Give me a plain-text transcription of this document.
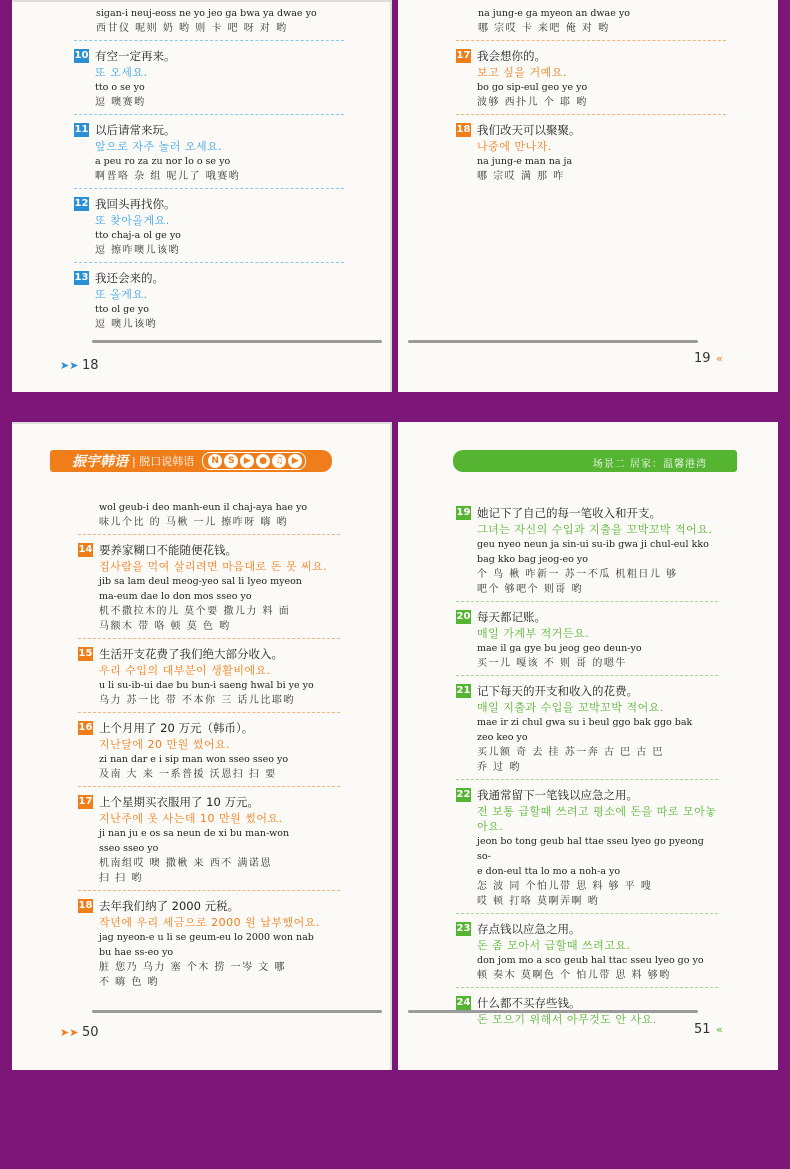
sigan-i neuj-eoss ne yo jeo ga bwa ya dwae yo
西甘仪 呢则 奶 哟 则 卡 吧 呀 对 哟
10 有空一定再来。
또 오세요.
tto o se yo
逗 噢赛哟
11 以后请常来玩。
앞으로 자주 놀러 오세요.
a peu ro za zu nor lo o se yo
啊普咯 杂 组 呢儿了 哦赛哟
12 我回头再找你。
또 찾아올게요.
tto chaj-a ol ge yo
逗 擦咋噢儿该哟
13 我还会来的。
또 올게요.
tto ol ge yo
逗 噢儿该哟
➤➤ 18
na jung-e ga myeon an dwae yo
哪 宗哎 卡 来吧 俺 对 哟
17 我会想你的。
보고 싶을 거예요.
bo go sip-eul geo ye yo
波够 西扑儿 个 耶 哟
18 我们改天可以聚聚。
나중에 만나자.
na jung-e man na ja
哪 宗哎 满 那 咋
19 «
振宇韩语 | 脱口说韩语	N S	▶ ● ♫ ▶
wol geub-i deo manh-eun il chaj-aya hae yo
味儿个比 的 马楸 一儿 擦咋呀 嗨 哟
14 要养家糊口不能随便花钱。
집사람을 먹여 살리려면 마음대로 돈 못 써요.
jib sa lam deul meog-yeo sal li lyeo myeon
ma-eum dae lo don mos sseo yo
机不撒拉木的儿 莫个要 撒儿力 料 面
马额木 带 咯 顿 莫 色 哟
15 生活开支花费了我们绝大部分收入。
우리 수입의 대부분이 생활비에요.
u li su-ib-ui dae bu bun-i saeng hwal bi ye yo
乌力 苏一比 带 不本你 三 话儿比耶哟
16 上个月用了 20 万元（韩币）。
지난달에 20 만원 썼어요.
zi nan dar e i sip man won sseo sseo yo
及南 大 来 一系普援 沃恩扫 扫 要
17 上个星期买衣服用了 10 万元。
지난주에 옷 사는데 10 만원 썼어요.
ji nan ju e os sa neun de xi bu man-won
sseo sseo yo
机南组哎 噢 撒楸 来 西不 满诺恩
扫 扫 哟
18 去年我们纳了 2000 元税。
작년에 우리 세금으로 2000 원 납부했어요.
jag nyeon-e u li se geum-eu lo 2000 won nab
bu hae ss-eo yo
脏 您乃 乌力 塞 个木 捞 一岑 文 哪
不 嗨 色 哟
➤➤ 50
场景二 居家：温馨港湾
19 她记下了自己的每一笔收入和开支。
그녀는 자신의 수입과 지출을 꼬박꼬박 적어요.
geu nyeo neun ja sin-ui su-ib gwa ji chul-eul kko
bag kko bag jeog-eo yo
个 鸟 楸 咋新一 苏一不瓜 机粗日儿 够
吧个 够吧个 则哥 哟
20 每天都记账。
매일 가계부 적거든요.
mae il ga gye bu jeog geo deun-yo
买一儿 嘎该 不 则 哥 的嗯牛
21 记下每天的开支和收入的花费。
매일 지출과 수입을 꼬박꼬박 적어요.
mae ir zi chul gwa su i beul ggo bak ggo bak
zeo keo yo
买儿额 奇 去 挂 苏一奔 古 巴 古 巴
乔 过 哟
22 我通常留下一笔钱以应急之用。
전 보통 급할때 쓰려고 평소에 돈을 따로 모아놓아요.
jeon bo tong geub hal ttae sseu lyeo go pyeong so-
e don-eul tta lo mo a noh-a yo
怎 波 同 个怕儿带 思 料 够 平 嗖
哎 顿 打咯 莫啊弄啊 哟
23 存点钱以应急之用。
돈 좀 모아서 급할때 쓰려고요.
don jom mo a sco geub hal ttac sseu lyeo go yo
顿 奏木 莫啊色 个 怕儿带 思 料 够哟
24 什么都不买存些钱。
돈 모으기 위해서 아무것도 안 사요.
51 «
